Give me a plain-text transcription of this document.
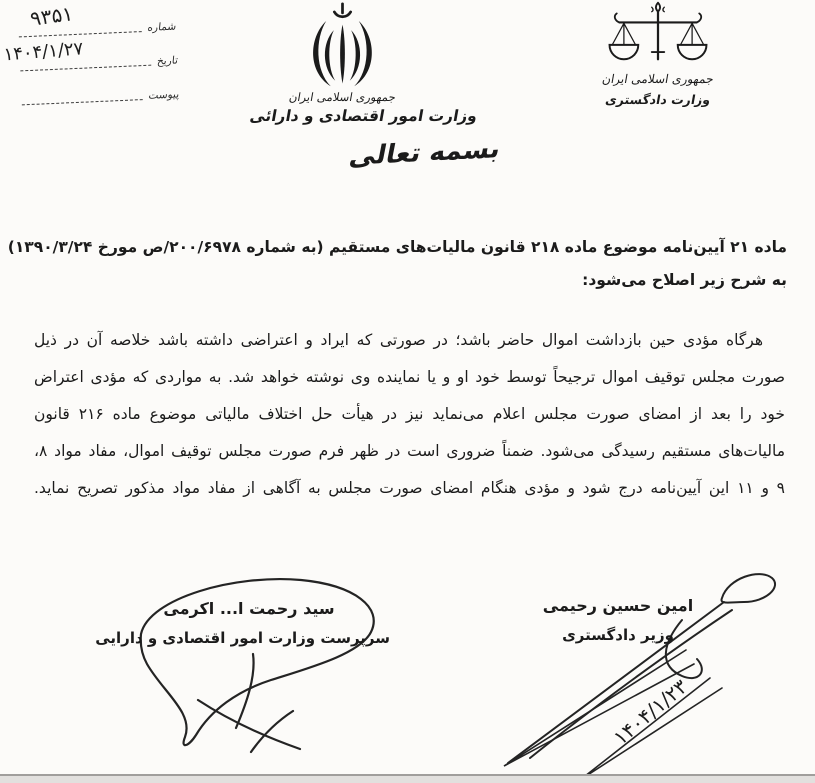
شماره
۹۳۵۱
تاریخ
۱۴۰۴/۱/۲۷
پیوست	جمهوری اسلامی ایران
وزارت امور اقتصادی و دارائی
جمهوری اسلامی ایران
وزارت دادگستری
بسمه تعالی
ماده ۲۱ آیین‌نامه موضوع ماده ۲۱۸ قانون مالیات‌های مستقیم (به شماره ۲۰۰/۶۹۷۸/ص مورخ ۱۳۹۰/۳/۲۴)
به شرح زیر اصلاح می‌شود:
هرگاه مؤدی حین بازداشت اموال حاضر باشد؛ در صورتی که ایراد و اعتراضی داشته باشد خلاصه آن در ذیل
صورت مجلس توقیف اموال ترجیحاً توسط خود او و یا نماینده وی نوشته خواهد شد. به مواردی که مؤدی اعتراض
خود را بعد از امضای صورت مجلس اعلام می‌نماید نیز در هیأت حل اختلاف مالیاتی موضوع ماده ۲۱۶ قانون
مالیات‌های مستقیم رسیدگی می‌شود. ضمناً ضروری است در ظهر فرم صورت مجلس توقیف اموال، مفاد مواد ۸،
۹ و ۱۱ این آیین‌نامه درج شود و مؤدی هنگام امضای صورت مجلس به آگاهی از مفاد مواد مذکور تصریح نماید.
سید رحمت ا... اکرمی
سرپرست وزارت امور اقتصادی و دارایی
امین حسین رحیمی
وزیر دادگستری
۱۴۰۴/۱/۲۳
